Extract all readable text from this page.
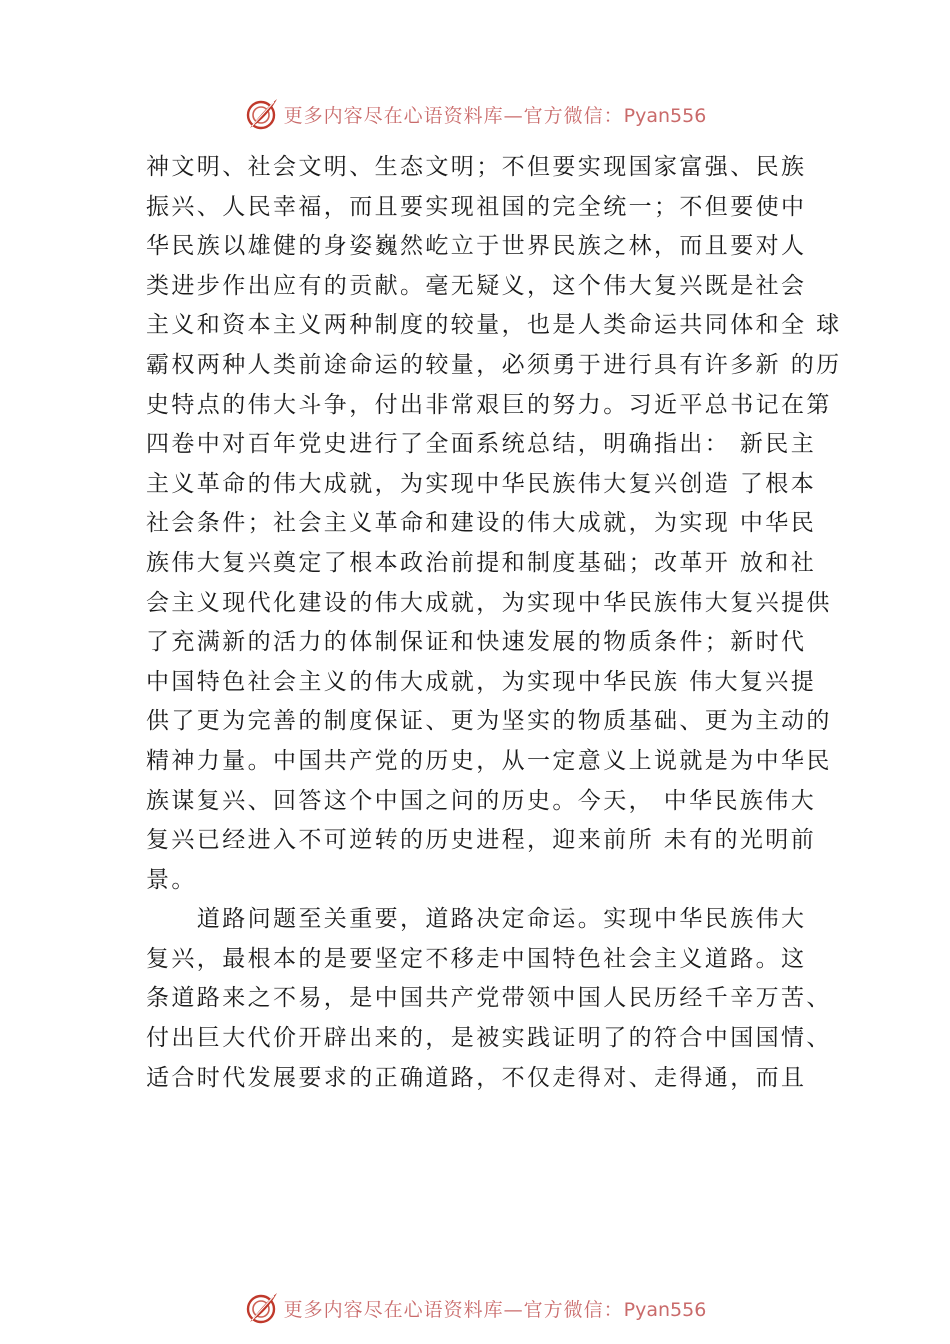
更多内容尽在心语资料库—官方微信：Pyan556
神文明、社会文明、生态文明；不但要实现国家富强、民族
振兴、人民幸福，而且要实现祖国的完全统一；不但要使中
华民族以雄健的身姿巍然屹立于世界民族之林，而且要对人
类进步作出应有的贡献。毫无疑义，这个伟大复兴既是社会
主义和资本主义两种制度的较量，也是人类命运共同体和全 球
霸权两种人类前途命运的较量，必须勇于进行具有许多新 的历
史特点的伟大斗争，付出非常艰巨的努力。习近平总书记在第
四卷中对百年党史进行了全面系统总结，明确指出： 新民主
主义革命的伟大成就，为实现中华民族伟大复兴创造 了根本
社会条件；社会主义革命和建设的伟大成就，为实现 中华民
族伟大复兴奠定了根本政治前提和制度基础；改革开 放和社
会主义现代化建设的伟大成就，为实现中华民族伟大复兴提供
了充满新的活力的体制保证和快速发展的物质条件；新时代
中国特色社会主义的伟大成就，为实现中华民族 伟大复兴提
供了更为完善的制度保证、更为坚实的物质基础、更为主动的
精神力量。中国共产党的历史，从一定意义上说就是为中华民
族谋复兴、回答这个中国之问的历史。今天， 中华民族伟大
复兴已经进入不可逆转的历史进程，迎来前所 未有的光明前
景。
　　道路问题至关重要，道路决定命运。实现中华民族伟大
复兴，最根本的是要坚定不移走中国特色社会主义道路。这
条道路来之不易，是中国共产党带领中国人民历经千辛万苦、
付出巨大代价开辟出来的，是被实践证明了的符合中国国情、
适合时代发展要求的正确道路，不仅走得对、走得通，而且
更多内容尽在心语资料库—官方微信：Pyan556
